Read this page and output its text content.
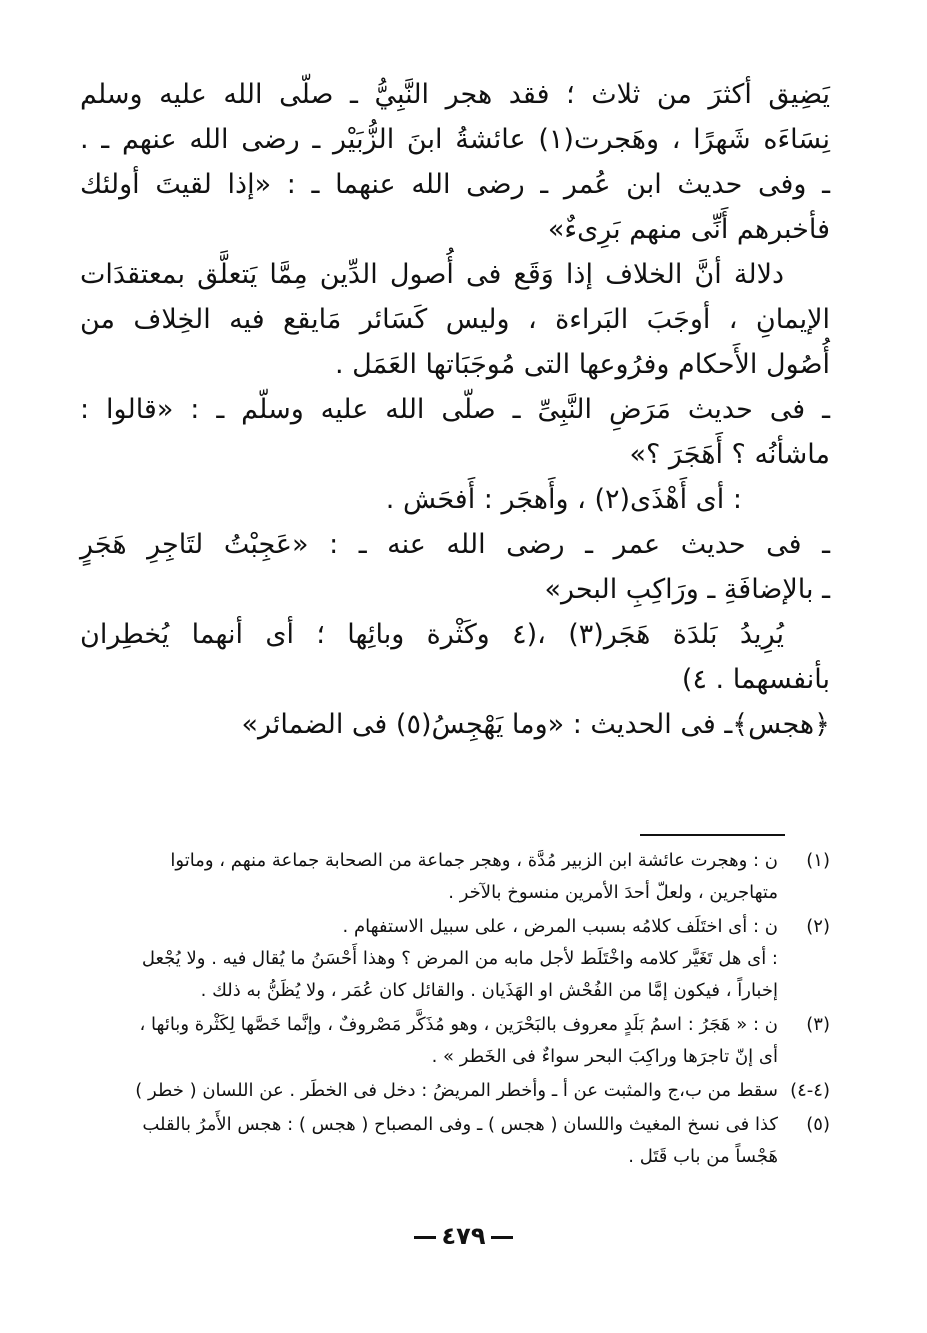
يَضِيق أكثرَ من ثلاث ؛ فقد هجر النَّبِيُّ ـ صلّى الله عليه وسلم
نِسَاءَه شَهرًا ، وهَجرت(١) عائشةُ ابنَ الزُّبَيْر ـ رضى الله عنهم ـ .
ـ وفى حديث ابن عُمر ـ رضى الله عنهما ـ : «إذا لقيتَ أولئك
فأخبرهم أَنِّى منهم بَرِىءٌ»
دلالة أنَّ الخلاف إذا وَقَع فى أُصول الدِّين مِمَّا يَتعلَّق بمعتقدَات
الإيمانِ ، أوجَبَ البَراءة ، وليس كَسَائر مَايقع فيه الخِلاف من
أُصُول الأَحكام وفرُوعها التى مُوجَبَاتها العَمَل .
ـ فى حديث مَرَضِ النَّبِىِّ ـ صلّى الله عليه وسلّم ـ : «قالوا :
ماشأنُه ؟ أَهَجَرَ ؟»
: أى أَهْذَى(٢) ، وأَهجَر : أَفحَش .
ـ فى حديث عمر ـ رضى الله عنه ـ : «عَجِبْتُ لتَاجِرِ هَجَرٍ
ـ بالإضافَةِ ـ ورَاكِبِ البحر»
يُرِيدُ بَلدَة هَجَر(٣) ،(٤ وكَثْرة وبائِها ؛ أى أنهما يُخطِران
بأنفسهما . ٤)
﴿هجس﴾ـ فى الحديث : «وما يَهْجِسُ(٥) فى الضمائر»
(١)
ن : وهجرت عائشة ابن الزبير مُدَّة ، وهجر جماعة من الصحابة جماعة منهم ، وماتوا
متهاجرين ، ولعلّ أحدَ الأمرين منسوخ بالآخر .
(٢)
ن : أى اختَلَف كلامُه بسبب المرض ، على سبيل الاستفهام .
: أى هل تَغَيَّر كلامه واخْتَلَط لأجل مابه من المرض ؟ وهذا أَحْسَنُ ما يُقال فيه . ولا يُجْعل
إخباراً ، فيكون إمَّا من الفُحْش او الهَذَيان . والقائل كان عُمَر ، ولا يُظَنُّ به ذلك .
(٣)
ن : « هَجَرُ : اسمُ بَلَدٍ معروف بالبَحْرَين ، وهو مُذَكَّر مَصْروفٌ ، وإنَّما خَصَّها لِكَثْرة وبائها ،
أى إنّ تاجرَها وراكِبَ البحر سواءٌ فى الخَطر » .
(٤-٤)
سقط من ب،ج والمثبت عن أ ـ وأخطر المريضُ : دخل فى الخطَر . عن اللسان ( خطر )
(٥)
كذا فى نسخ المغيث واللسان ( هجس ) ـ وفى المصباح ( هجس ) : هجس الأَمرُ بالقلب
هَجْساً من باب قَتَل .
٤٧٩
